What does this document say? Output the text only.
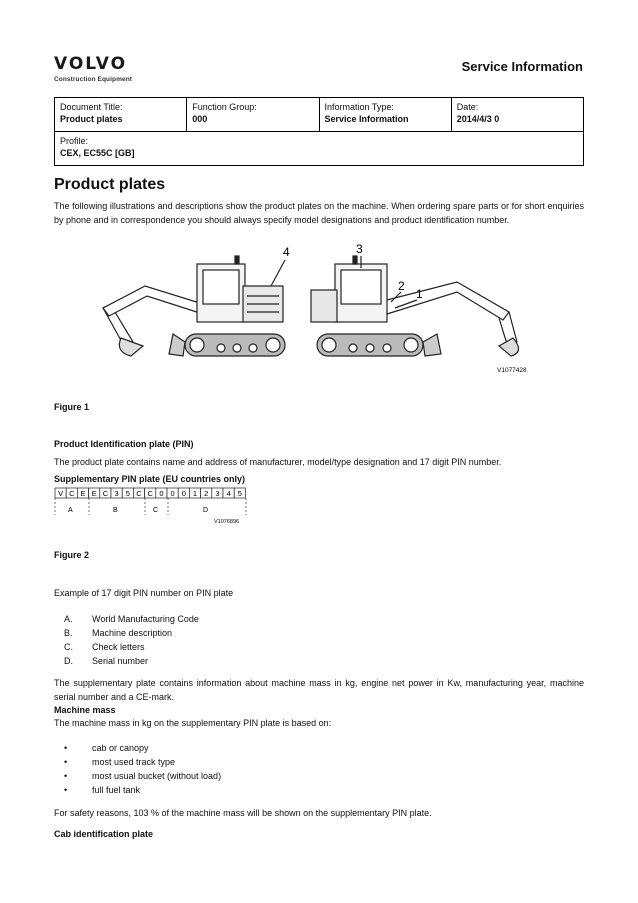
VOLVO
Construction Equipment
Service Information
Document Title:
Product plates

Function Group:
000

Information Type:
Service Information

Date:
2014/4/3 0

Profile:
CEX, EC55C [GB]
Product plates
The following illustrations and descriptions show the product plates on the machine. When ordering spare parts or for short enquiries by phone and in correspondence you should always specify model designations and product identification number.
4	3
2
1
V1077428
Figure 1
Product Identification plate (PIN)
The product plate contains name and address of manufacturer, model/type designation and 17 digit PIN number.
Supplementary PIN plate (EU countries only)
V C E E C 3 5 C C 0 0 0 1 2 3 4 5
A	B	C	D
V1076896
Figure 2
Example of 17 digit PIN number on PIN plate
A.	World Manufacturing Code
B.	Machine description
C.	Check letters
D.	Serial number
The supplementary plate contains information about machine mass in kg, engine net power in Kw, manufacturing year, machine serial number and a CE-mark.
Machine mass
The machine mass in kg on the supplementary PIN plate is based on:
•	cab or canopy
•	most used track type
•	most usual bucket (without load)
•	full fuel tank
For safety reasons, 103 % of the machine mass will be shown on the supplementary PIN plate.
Cab identification plate
